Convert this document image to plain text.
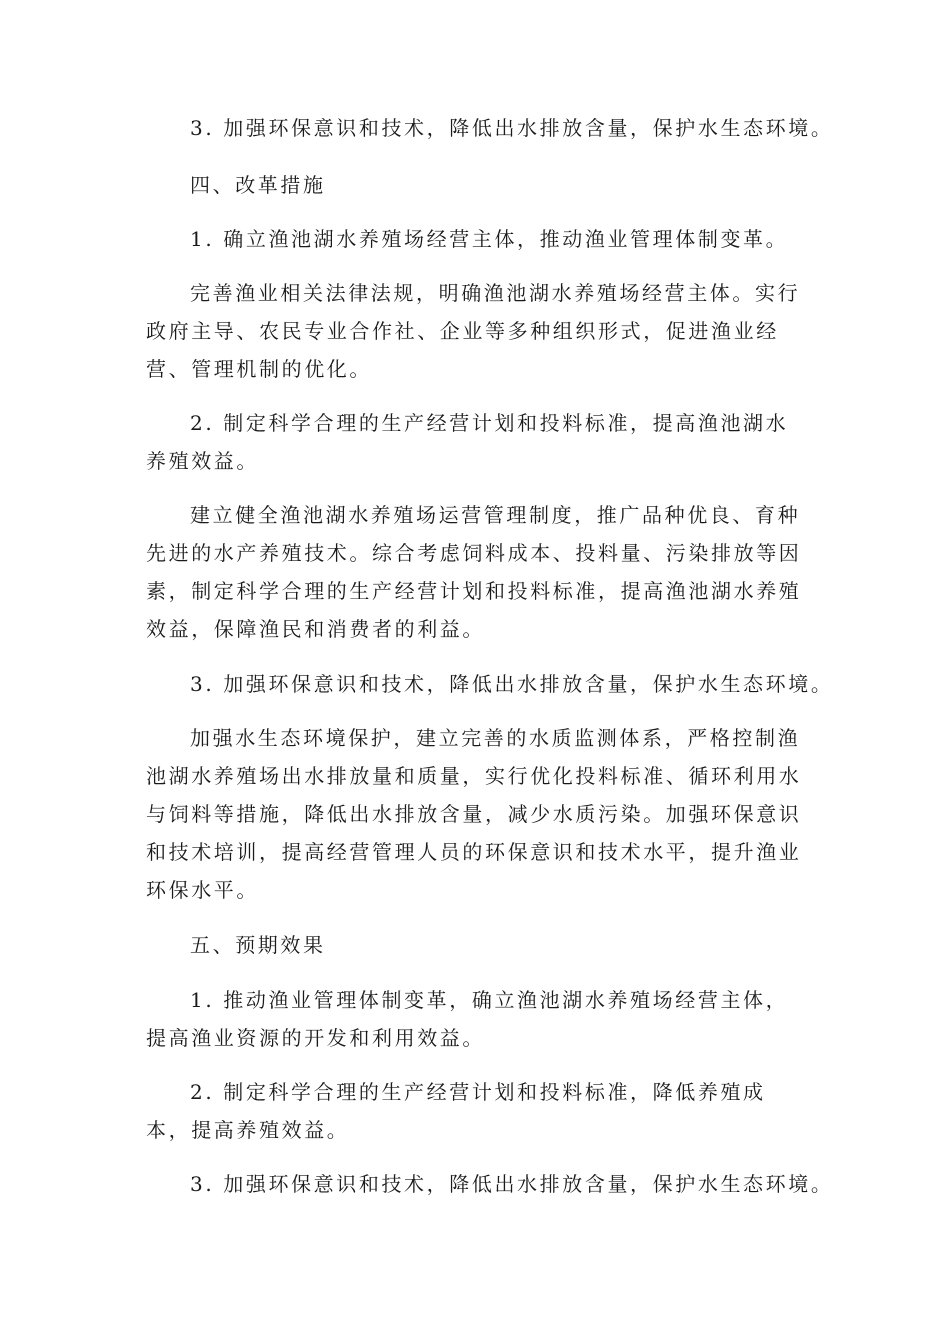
3. 加强环保意识和技术，降低出水排放含量，保护水生态环境。

四、改革措施

1. 确立渔池湖水养殖场经营主体，推动渔业管理体制变革。

完善渔业相关法律法规，明确渔池湖水养殖场经营主体。实行政府主导、农民专业合作社、企业等多种组织形式，促进渔业经营、管理机制的优化。

2. 制定科学合理的生产经营计划和投料标准，提高渔池湖水养殖效益。

建立健全渔池湖水养殖场运营管理制度，推广品种优良、育种先进的水产养殖技术。综合考虑饲料成本、投料量、污染排放等因素，制定科学合理的生产经营计划和投料标准，提高渔池湖水养殖效益，保障渔民和消费者的利益。

3. 加强环保意识和技术，降低出水排放含量，保护水生态环境。

加强水生态环境保护，建立完善的水质监测体系，严格控制渔池湖水养殖场出水排放量和质量，实行优化投料标准、循环利用水与饲料等措施，降低出水排放含量，减少水质污染。加强环保意识和技术培训，提高经营管理人员的环保意识和技术水平，提升渔业环保水平。

五、预期效果

1. 推动渔业管理体制变革，确立渔池湖水养殖场经营主体，提高渔业资源的开发和利用效益。

2. 制定科学合理的生产经营计划和投料标准，降低养殖成本，提高养殖效益。

3. 加强环保意识和技术，降低出水排放含量，保护水生态环境。
